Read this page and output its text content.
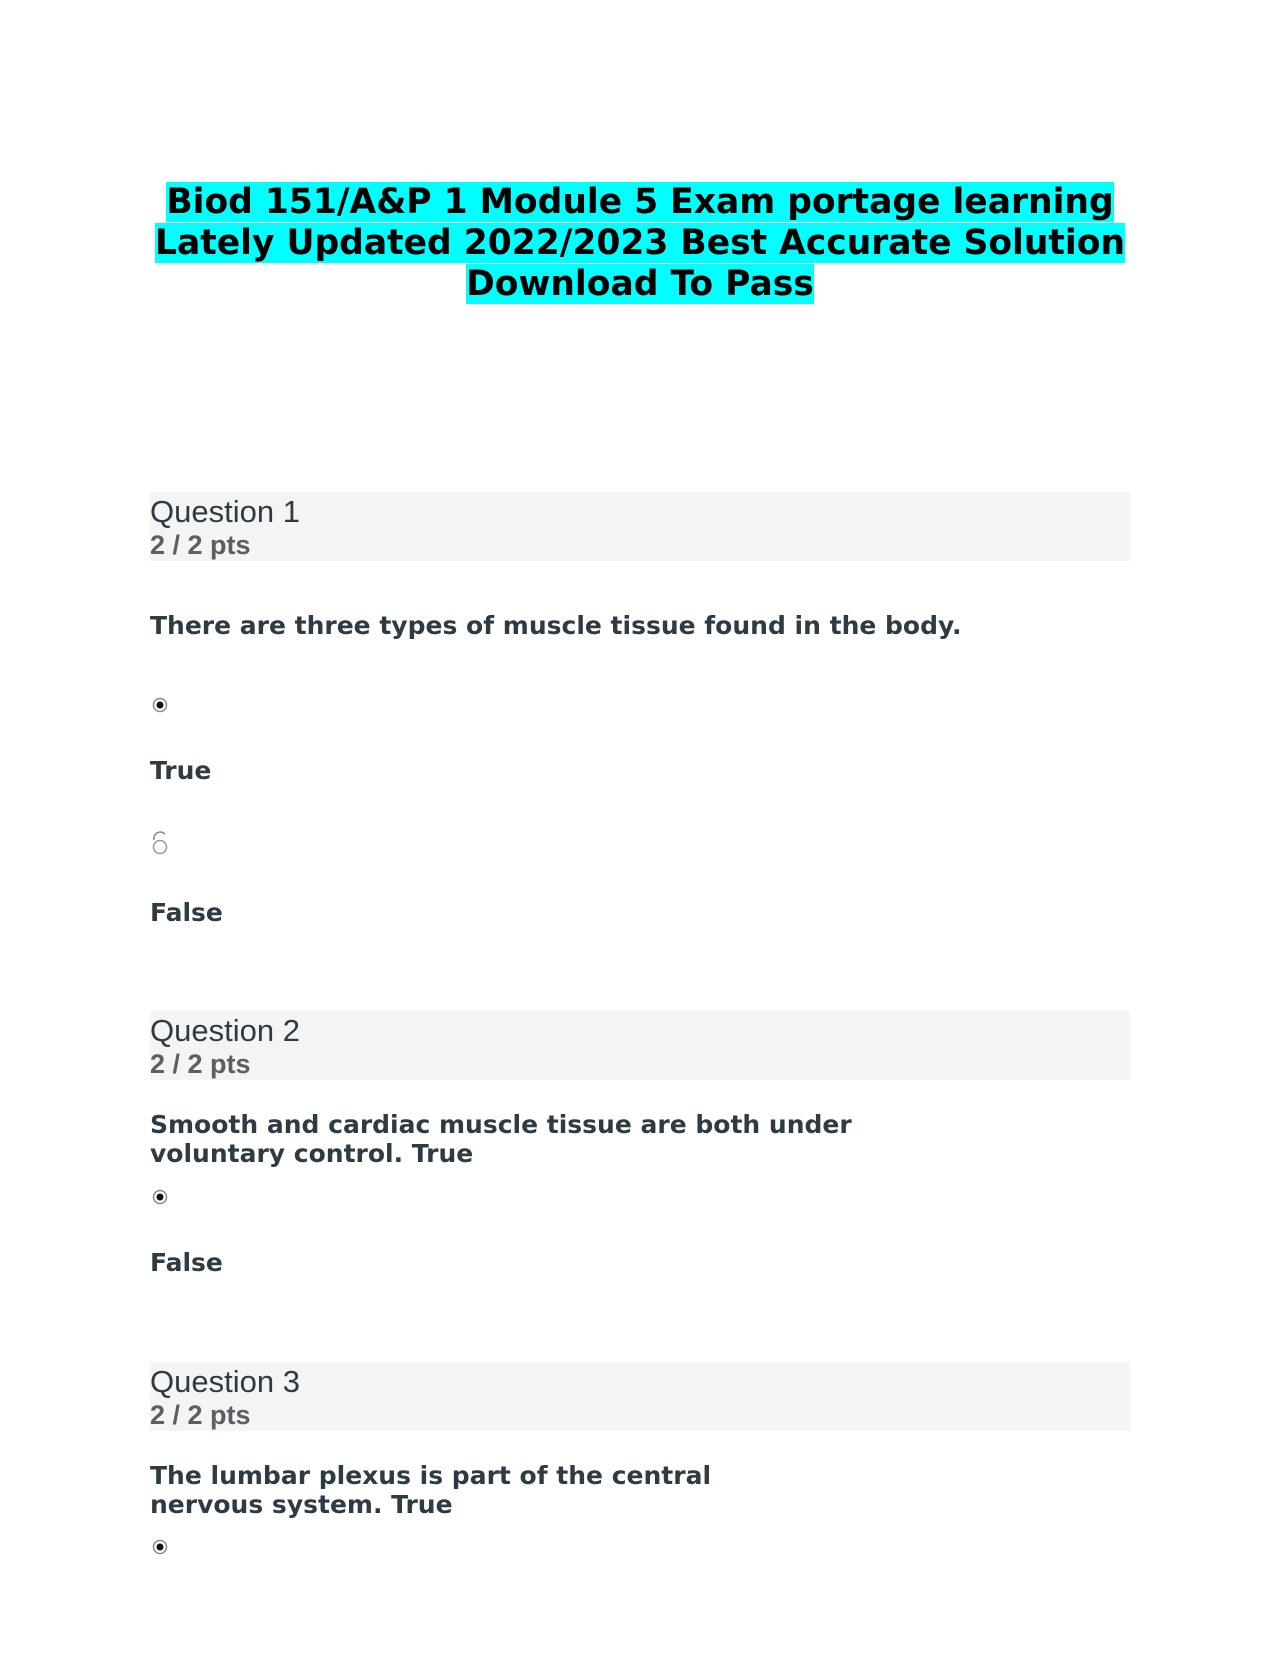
Biod 151/A&P 1 Module 5 Exam portage learning
Lately Updated 2022/2023 Best Accurate Solution
Download To Pass
Question 1
2 / 2 pts

There are three types of muscle tissue found in the body.

True

False

Question 2
2 / 2 pts

Smooth and cardiac muscle tissue are both under
voluntary control. True

False

Question 3
2 / 2 pts

The lumbar plexus is part of the central
nervous system. True
